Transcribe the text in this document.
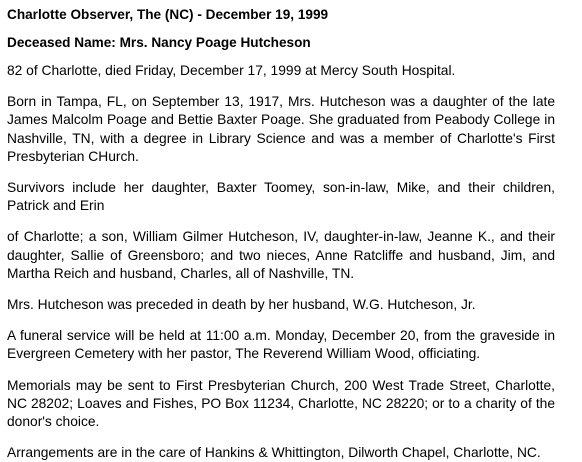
Charlotte Observer, The (NC) - December 19, 1999

Deceased Name: Mrs. Nancy Poage Hutcheson

82 of Charlotte, died Friday, December 17, 1999 at Mercy South Hospital.

Born in Tampa, FL, on September 13, 1917, Mrs. Hutcheson was a daughter of the late James Malcolm Poage and Bettie Baxter Poage. She graduated from Peabody College in Nashville, TN, with a degree in Library Science and was a member of Charlotte's First Presbyterian CHurch.

Survivors include her daughter, Baxter Toomey, son-in-law, Mike, and their children, Patrick and Erin

of Charlotte; a son, William Gilmer Hutcheson, IV, daughter-in-law, Jeanne K., and their daughter, Sallie of Greensboro; and two nieces, Anne Ratcliffe and husband, Jim, and Martha Reich and husband, Charles, all of Nashville, TN.

Mrs. Hutcheson was preceded in death by her husband, W.G. Hutcheson, Jr.

A funeral service will be held at 11:00 a.m. Monday, December 20, from the graveside in Evergreen Cemetery with her pastor, The Reverend William Wood, officiating.

Memorials may be sent to First Presbyterian Church, 200 West Trade Street, Charlotte, NC 28202; Loaves and Fishes, PO Box 11234, Charlotte, NC 28220; or to a charity of the donor's choice.

Arrangements are in the care of Hankins & Whittington, Dilworth Chapel, Charlotte, NC.
